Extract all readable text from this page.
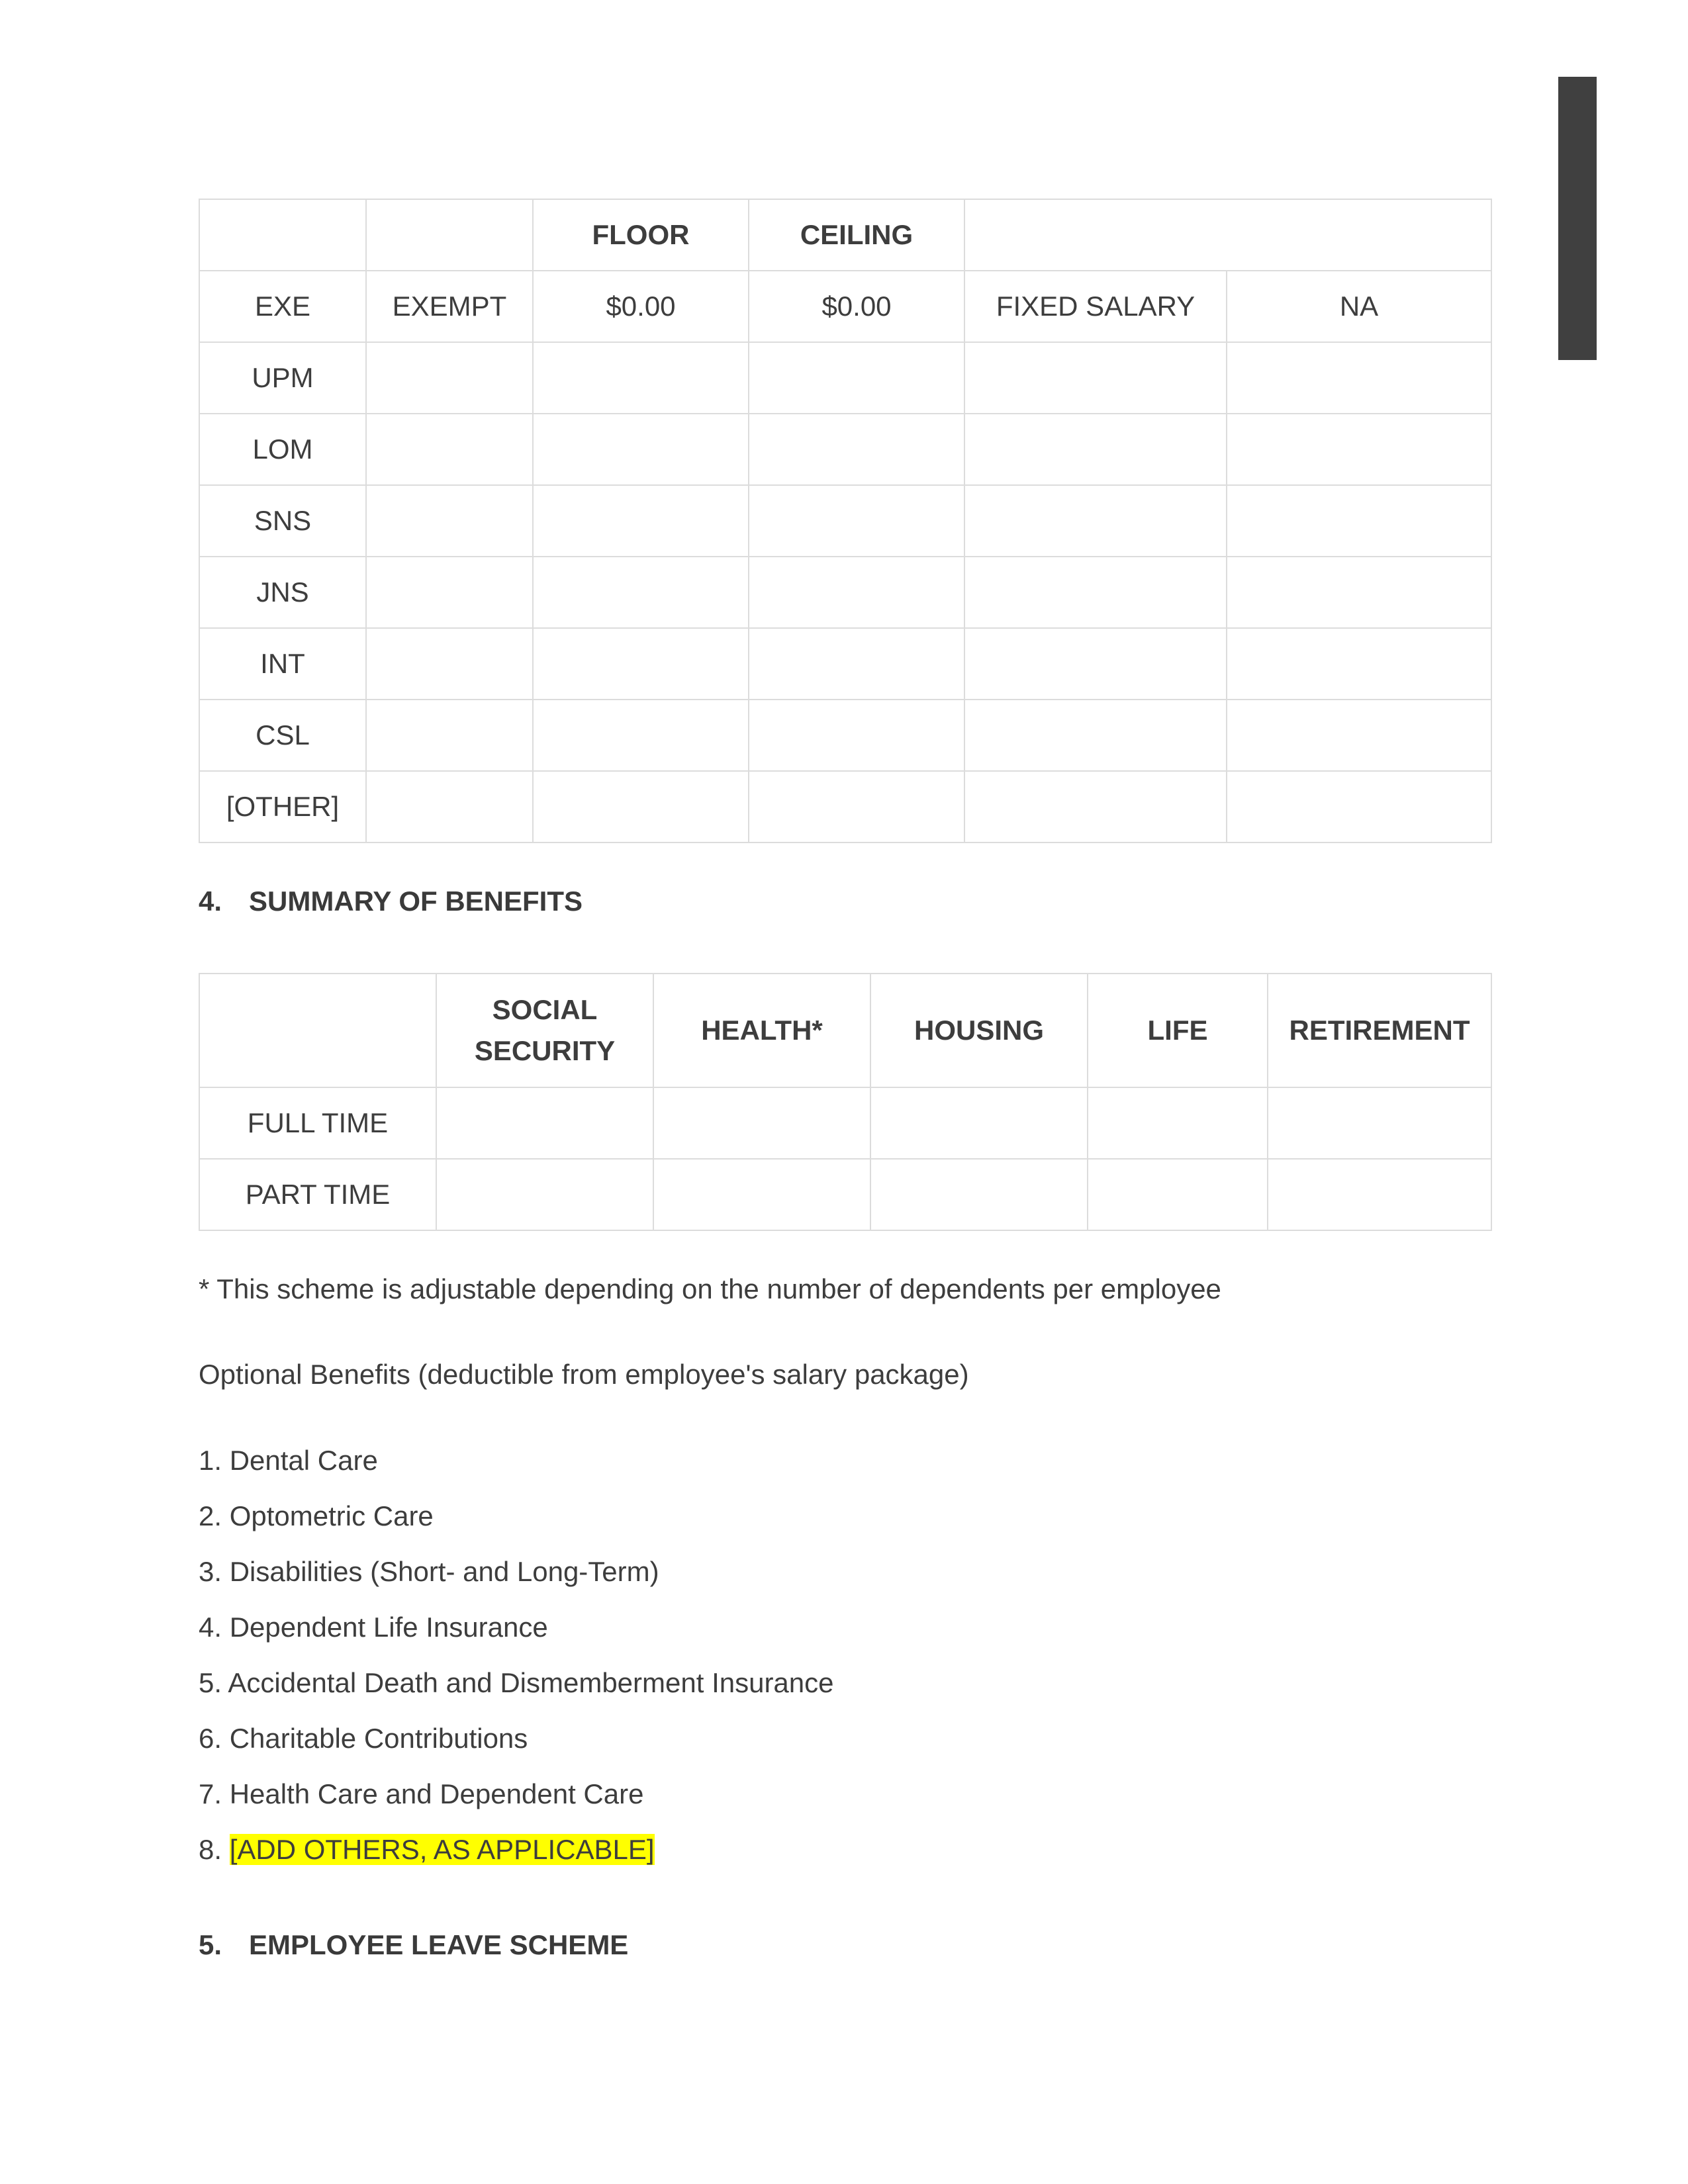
		FLOOR	CEILING		
EXE	EXEMPT	$0.00	$0.00	FIXED SALARY	NA
UPM					
LOM					
SNS					
JNS					
INT					
CSL					
[OTHER]					
4. SUMMARY OF BENEFITS
	SOCIAL SECURITY	HEALTH*	HOUSING	LIFE	RETIREMENT
FULL TIME					
PART TIME					

* This scheme is adjustable depending on the number of dependents per employee

Optional Benefits (deductible from employee's salary package)

1. Dental Care
2. Optometric Care
3. Disabilities (Short- and Long-Term)
4. Dependent Life Insurance
5. Accidental Death and Dismemberment Insurance
6. Charitable Contributions
7. Health Care and Dependent Care
8. [ADD OTHERS, AS APPLICABLE]
5. EMPLOYEE LEAVE SCHEME
